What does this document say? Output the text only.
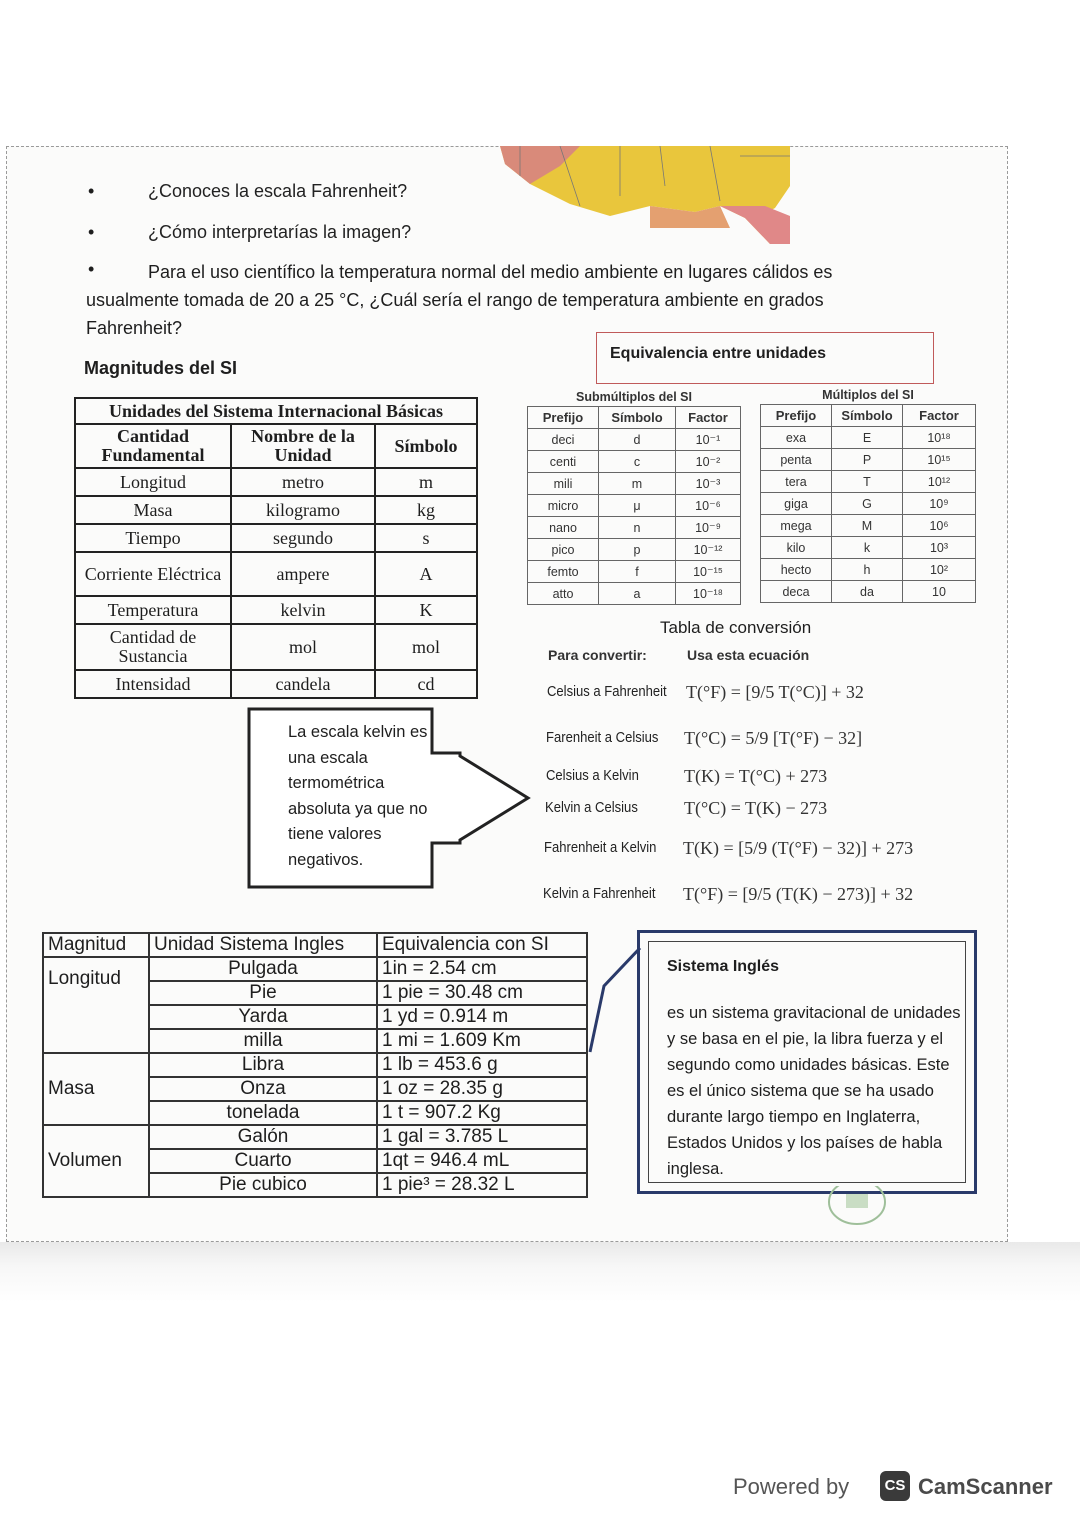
•	¿Conoces la escala Fahrenheit?
•	¿Cómo interpretarías la imagen?
•	Para el uso científico la temperatura normal del medio ambiente en lugares cálidos es usualmente tomada de 20 a 25 °C, ¿Cuál sería el rango de temperatura ambiente en grados Fahrenheit?
Magnitudes del SI
Unidades del Sistema Internacional Básicas		
Cantidad Fundamental	Nombre de la Unidad	Símbolo
Longitud	metro	m
Masa	kilogramo	kg
Tiempo	segundo	s
Corriente Eléctrica	ampere	A
Temperatura	kelvin	K
Cantidad de Sustancia	mol	mol
Intensidad	candela	cd
Equivalencia entre unidades
Submúltiplos del SI		
Prefijo	Símbolo	Factor
deci	d	10⁻¹
centi	c	10⁻²
mili	m	10⁻³
micro	μ	10⁻⁶
nano	n	10⁻⁹
pico	p	10⁻¹²
femto	f	10⁻¹⁵
atto	a	10⁻¹⁸
Múltiplos del SI		
Prefijo	Símbolo	Factor
exa	E	10¹⁸
penta	P	10¹⁵
tera	T	10¹²
giga	G	10⁹
mega	M	10⁶
kilo	k	10³
hecto	h	10²
deca	da	10
Tabla de conversión
Para convertir:	Usa esta ecuación
Celsius a Fahrenheit T(°F) = [9/5 T(°C)] + 32
Farenheit a Celsius T(°C) = 5/9 [T(°F) − 32]
Celsius a Kelvin	T(K) = T(°C) + 273
Kelvin a Celsius	T(°C) = T(K) − 273
Fahrenheit a Kelvin T(K) = [5/9 (T(°F) − 32)] + 273
Kelvin a Fahrenheit T(°F) = [9/5 (T(K) − 273)] + 32
La escala kelvin es una escala termométrica absoluta ya que no tiene valores negativos.
Magnitud	Unidad Sistema Ingles	Equivalencia con SI
Longitud	Pulgada	1in = 2.54 cm
	Pie	1 pie = 30.48 cm
	Yarda	1 yd = 0.914 m
	milla	1 mi = 1.609 Km
Masa	Libra	1 lb = 453.6 g
	Onza	1 oz = 28.35 g
	tonelada	1 t = 907.2 Kg
Volumen	Galón	1 gal = 3.785 L
	Cuarto	1qt = 946.4 mL
	Pie cubico	1 pie³ = 28.32 L
Sistema Inglés
es un sistema gravitacional de unidades y se basa en el pie, la libra fuerza y el segundo como unidades básicas. Este es el único sistema que se ha usado durante largo tiempo en Inglaterra, Estados Unidos y los países de habla inglesa.
Powered by	CS CamScanner
